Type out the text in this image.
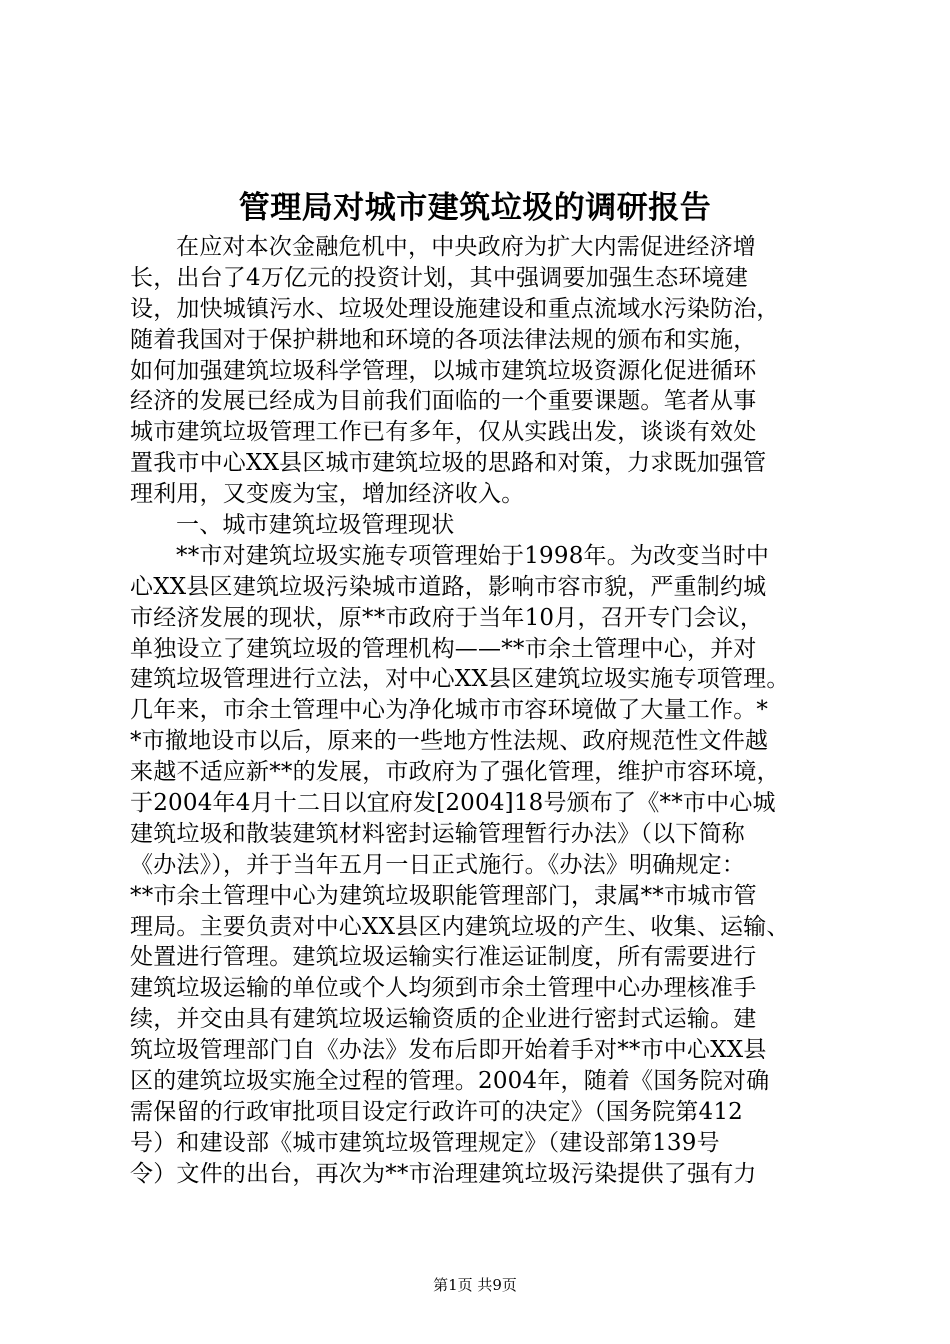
管理局对城市建筑垃圾的调研报告
在应对本次金融危机中，中央政府为扩大内需促进经济增
长，出台了4万亿元的投资计划，其中强调要加强生态环境建
设，加快城镇污水、垃圾处理设施建设和重点流域水污染防治，
随着我国对于保护耕地和环境的各项法律法规的颁布和实施，
如何加强建筑垃圾科学管理，以城市建筑垃圾资源化促进循环
经济的发展已经成为目前我们面临的一个重要课题。笔者从事
城市建筑垃圾管理工作已有多年，仅从实践出发，谈谈有效处
置我市中心XX县区城市建筑垃圾的思路和对策，力求既加强管
理利用，又变废为宝，增加经济收入。
一、城市建筑垃圾管理现状
**市对建筑垃圾实施专项管理始于1998年。为改变当时中
心XX县区建筑垃圾污染城市道路，影响市容市貌，严重制约城
市经济发展的现状，原**市政府于当年10月，召开专门会议，
单独设立了建筑垃圾的管理机构——**市余土管理中心，并对
建筑垃圾管理进行立法，对中心XX县区建筑垃圾实施专项管理。
几年来，市余土管理中心为净化城市市容环境做了大量工作。*
*市撤地设市以后，原来的一些地方性法规、政府规范性文件越
来越不适应新**的发展，市政府为了强化管理，维护市容环境，
于2004年4月十二日以宜府发[2004]18号颁布了《**市中心城
建筑垃圾和散装建筑材料密封运输管理暂行办法》（以下简称
《办法》），并于当年五月一日正式施行。《办法》明确规定：
**市余土管理中心为建筑垃圾职能管理部门，隶属**市城市管
理局。主要负责对中心XX县区内建筑垃圾的产生、收集、运输、
处置进行管理。建筑垃圾运输实行准运证制度，所有需要进行
建筑垃圾运输的单位或个人均须到市余土管理中心办理核准手
续，并交由具有建筑垃圾运输资质的企业进行密封式运输。建
筑垃圾管理部门自《办法》发布后即开始着手对**市中心XX县
区的建筑垃圾实施全过程的管理。2004年，随着《国务院对确
需保留的行政审批项目设定行政许可的决定》（国务院第412
号）和建设部《城市建筑垃圾管理规定》（建设部第139号
令）文件的出台，再次为**市治理建筑垃圾污染提供了强有力
第1页 共9页
